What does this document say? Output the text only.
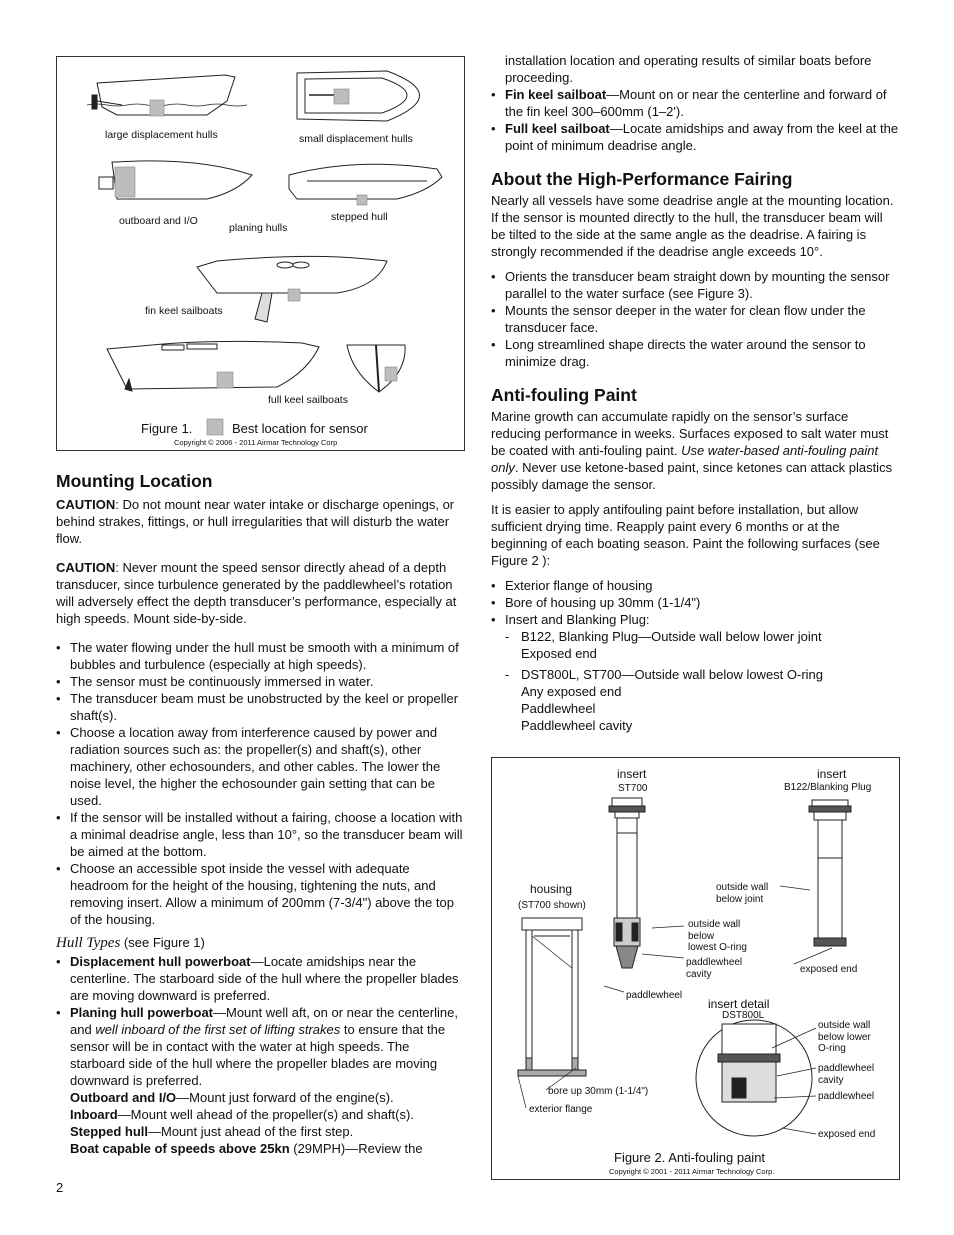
large displacement hulls	small displacement hulls
outboard and I/O
planing hulls
stepped hull
fin keel sailboats
full keel sailboats
Figure 1.	Best location for sensor
Copyright © 2006 - 2011 Airmar Technology Corp
Mounting Location

CAUTION: Do not mount near water intake or discharge openings, or behind strakes, fittings, or hull irregularities that will disturb the water flow.

CAUTION: Never mount the speed sensor directly ahead of a depth transducer, since turbulence generated by the paddlewheel’s rotation will adversely effect the depth transducer’s performance, especially at high speeds. Mount side-by-side.

• The water flowing under the hull must be smooth with a minimum of bubbles and turbulence (especially at high speeds).
• The sensor must be continuously immersed in water.
• The transducer beam must be unobstructed by the keel or propeller shaft(s).
• Choose a location away from interference caused by power and radiation sources such as: the propeller(s) and shaft(s), other machinery, other echosounders, and other cables. The lower the noise level, the higher the echosounder gain setting that can be used.
• If the sensor will be installed without a fairing, choose a location with a minimal deadrise angle, less than 10°, so the transducer beam will be aimed at the bottom.
• Choose an accessible spot inside the vessel with adequate headroom for the height of the housing, tightening the nuts, and removing insert. Allow a minimum of 200mm (7-3/4") above the top of the housing.
Hull Types (see Figure 1)
• Displacement hull powerboat—Locate amidships near the centerline. The starboard side of the hull where the propeller blades are moving downward is preferred.
• Planing hull powerboat—Mount well aft, on or near the centerline, and well inboard of the first set of lifting strakes to ensure that the sensor will be in contact with the water at high speeds. The starboard side of the hull where the propeller blades are moving downward is preferred.
Outboard and I/O—Mount just forward of the engine(s).
Inboard—Mount well ahead of the propeller(s) and shaft(s).
Stepped hull—Mount just ahead of the first step.
Boat capable of speeds above 25kn (29MPH)—Review the
installation location and operating results of similar boats before proceeding.
• Fin keel sailboat—Mount on or near the centerline and forward of the fin keel 300–600mm (1–2').
• Full keel sailboat—Locate amidships and away from the keel at the point of minimum deadrise angle.
About the High-Performance Fairing

Nearly all vessels have some deadrise angle at the mounting location. If the sensor is mounted directly to the hull, the transducer beam will be tilted to the side at the same angle as the deadrise. A fairing is strongly recommended if the deadrise angle exceeds 10°.

• Orients the transducer beam straight down by mounting the sensor parallel to the water surface (see Figure 3).
• Mounts the sensor deeper in the water for clean flow under the transducer face.
• Long streamlined shape directs the water around the sensor to minimize drag.
Anti-fouling Paint

Marine growth can accumulate rapidly on the sensor’s surface reducing performance in weeks. Surfaces exposed to salt water must be coated with anti-fouling paint. Use water-based anti-fouling paint only. Never use ketone-based paint, since ketones can attack plastics possibly damage the sensor.

It is easier to apply antifouling paint before installation, but allow sufficient drying time. Reapply paint every 6 months or at the beginning of each boating season. Paint the following surfaces (see Figure 2 ):

• Exterior flange of housing
• Bore of housing up 30mm (1-1/4")
• Insert and Blanking Plug:
- B122, Blanking Plug—Outside wall below lower joint
Exposed end
- DST800L, ST700—Outside wall below lowest O-ring
Any exposed end
Paddlewheel
Paddlewheel cavity
insert
ST700
insert
B122/Blanking Plug
housing
(ST700 shown)
outside wall
below joint
outside wall
below
lowest O-ring
paddlewheel
cavity	exposed end
paddlewheel
insert detail
DST800L
outside wall
below lower
O-ring
paddlewheel
cavity
paddlewheel
exposed end
bore up 30mm (1-1/4")
exterior flange
Figure 2. Anti-fouling paint
Copyright © 2001 - 2011 Airmar Technology Corp.
2
